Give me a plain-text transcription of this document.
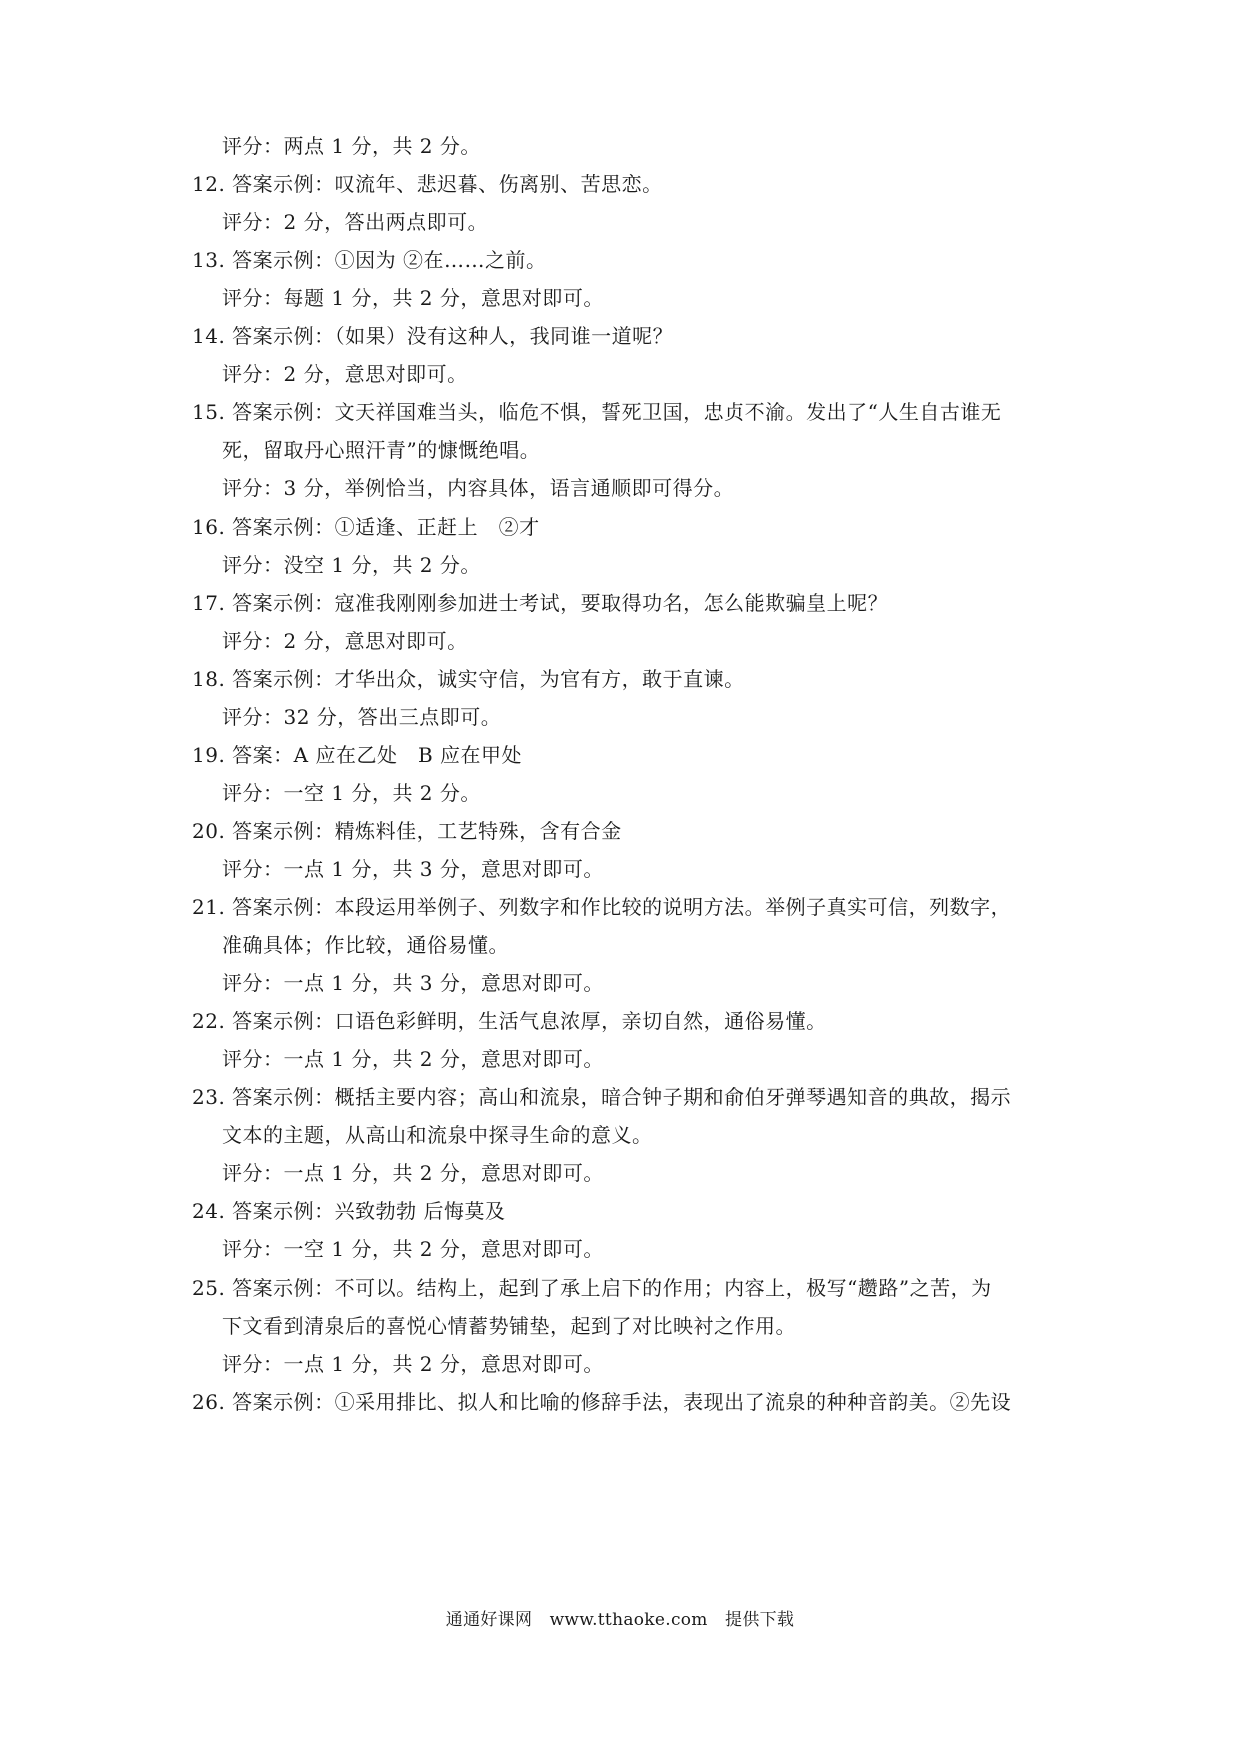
评分：两点 1 分，共 2 分。
12. 答案示例：叹流年、悲迟暮、伤离别、苦思恋。
评分：2 分，答出两点即可。
13. 答案示例：①因为 ②在……之前。
评分：每题 1 分，共 2 分，意思对即可。
14. 答案示例：（如果）没有这种人，我同谁一道呢？
评分：2 分，意思对即可。
15. 答案示例：文天祥国难当头，临危不惧，誓死卫国，忠贞不渝。发出了“人生自古谁无
死，留取丹心照汗青”的慷慨绝唱。
评分：3 分，举例恰当，内容具体，语言通顺即可得分。
16. 答案示例：①适逢、正赶上　②才
评分：没空 1 分，共 2 分。
17. 答案示例：寇准我刚刚参加进士考试，要取得功名，怎么能欺骗皇上呢？
评分：2 分，意思对即可。
18. 答案示例：才华出众，诚实守信，为官有方，敢于直谏。
评分：32 分，答出三点即可。
19. 答案：A 应在乙处　B 应在甲处
评分：一空 1 分，共 2 分。
20. 答案示例：精炼料佳，工艺特殊，含有合金
评分：一点 1 分，共 3 分，意思对即可。
21. 答案示例：本段运用举例子、列数字和作比较的说明方法。举例子真实可信，列数字，
准确具体；作比较，通俗易懂。
评分：一点 1 分，共 3 分，意思对即可。
22. 答案示例：口语色彩鲜明，生活气息浓厚，亲切自然，通俗易懂。
评分：一点 1 分，共 2 分，意思对即可。
23. 答案示例：概括主要内容；高山和流泉，暗合钟子期和俞伯牙弹琴遇知音的典故，揭示
文本的主题，从高山和流泉中探寻生命的意义。
评分：一点 1 分，共 2 分，意思对即可。
24. 答案示例：兴致勃勃 后悔莫及
评分：一空 1 分，共 2 分，意思对即可。
25. 答案示例：不可以。结构上，起到了承上启下的作用；内容上，极写“趱路”之苦，为
下文看到清泉后的喜悦心情蓄势铺垫，起到了对比映衬之作用。
评分：一点 1 分，共 2 分，意思对即可。
26. 答案示例：①采用排比、拟人和比喻的修辞手法，表现出了流泉的种种音韵美。②先设
通通好课网　www.tthaoke.com　提供下载
